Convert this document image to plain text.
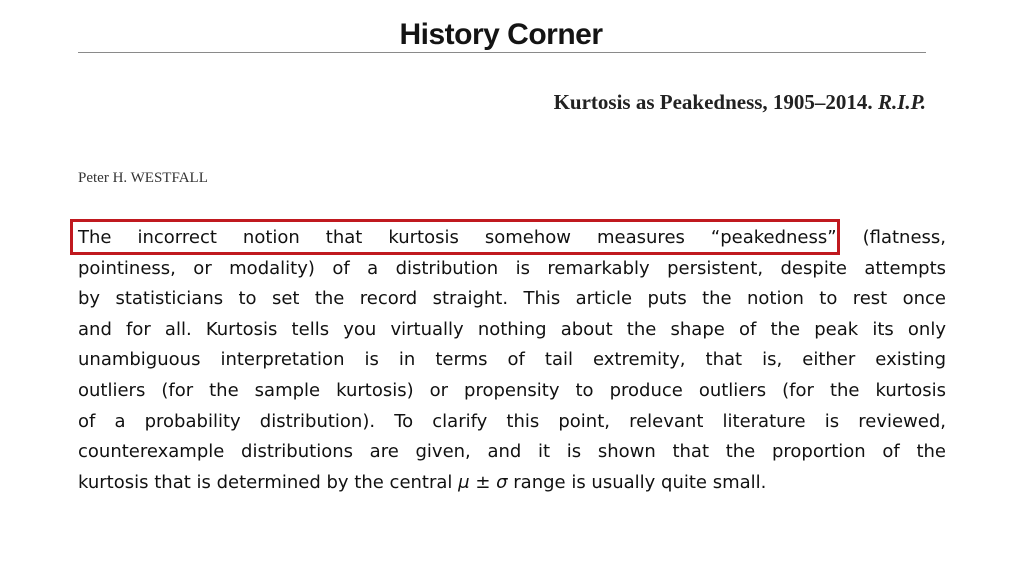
History Corner
Kurtosis as Peakedness, 1905–2014. R.I.P.
Peter H. WESTFALL
The incorrect notion that kurtosis somehow measures “peakedness” (flatness,
pointiness, or modality) of a distribution is remarkably persistent, despite attempts
by statisticians to set the record straight. This article puts the notion to rest once
and for all. Kurtosis tells you virtually nothing about the shape of the peak its only
unambiguous interpretation is in terms of tail extremity, that is, either existing
outliers (for the sample kurtosis) or propensity to produce outliers (for the kurtosis
of a probability distribution). To clarify this point, relevant literature is reviewed,
counterexample distributions are given, and it is shown that the proportion of the
kurtosis that is determined by the central μ ± σ range is usually quite small.
